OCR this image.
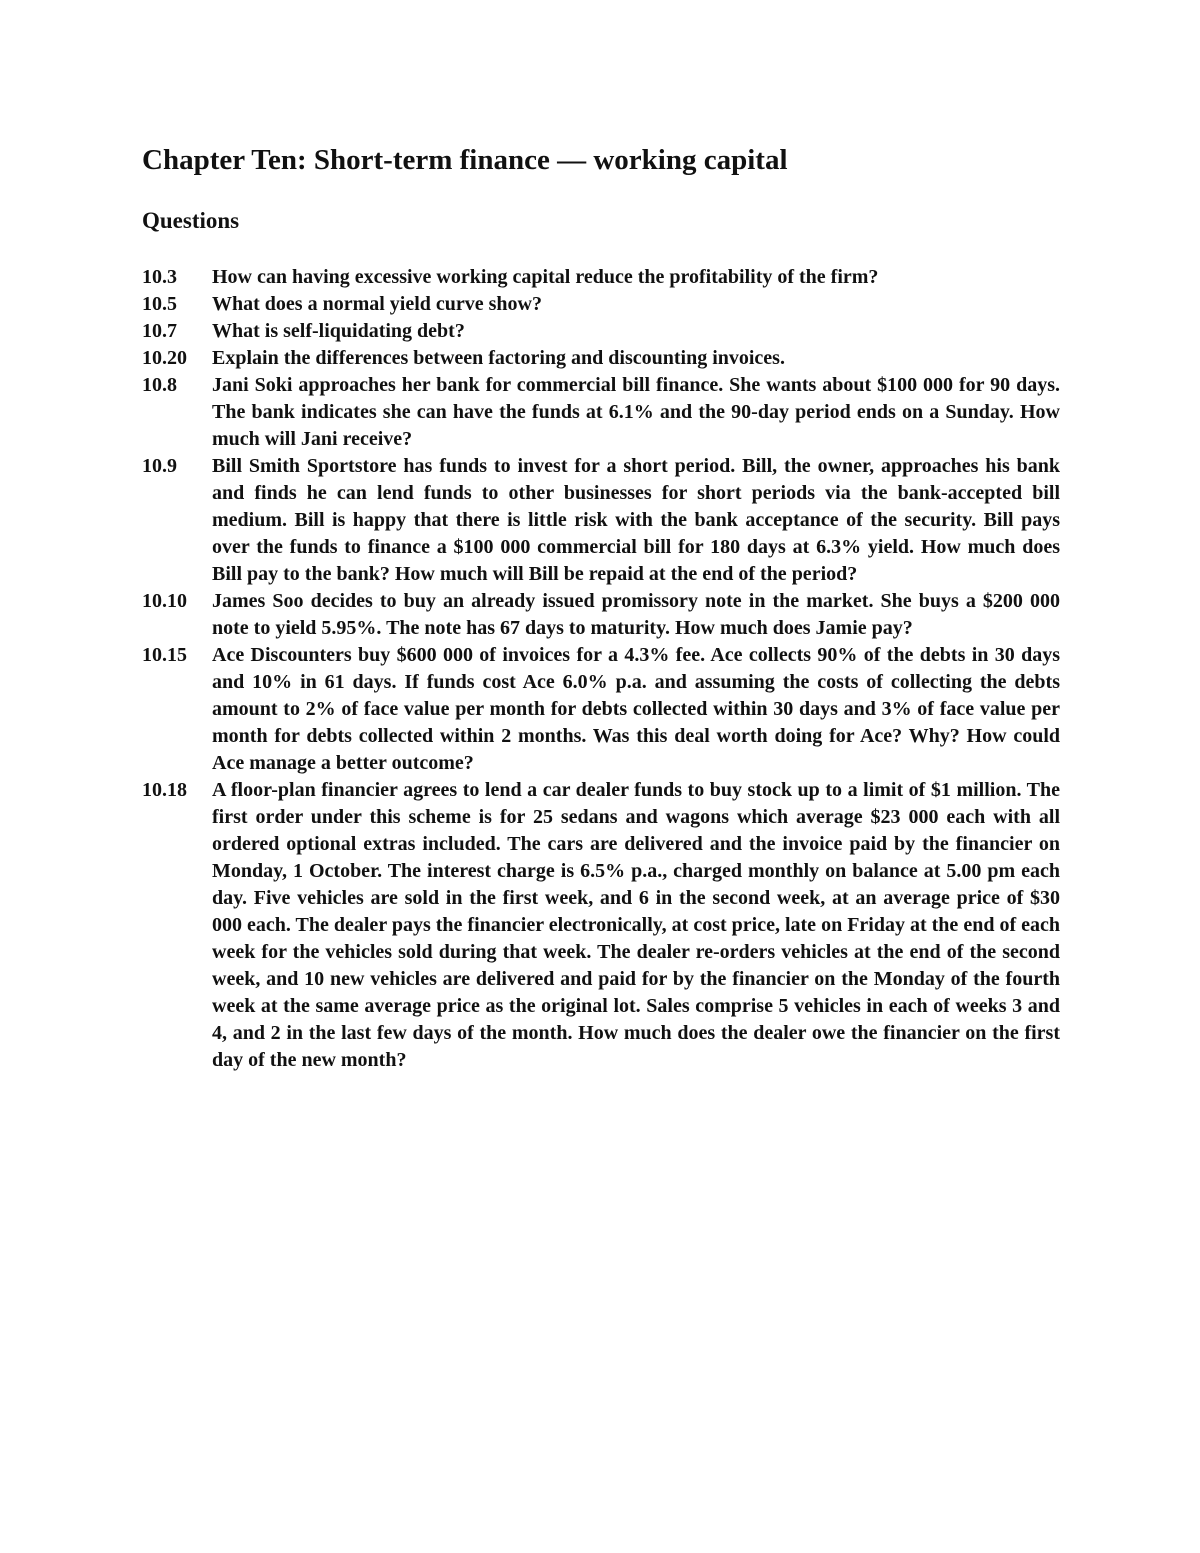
Chapter Ten: Short-term finance — working capital
Questions
10.3	How can having excessive working capital reduce the profitability of the firm?
10.5	What does a normal yield curve show?
10.7	What is self-liquidating debt?
10.20	Explain the differences between factoring and discounting invoices.
10.8	Jani Soki approaches her bank for commercial bill finance. She wants about $100 000 for 90 days. The bank indicates she can have the funds at 6.1% and the 90-day period ends on a Sunday. How much will Jani receive?
10.9	Bill Smith Sportstore has funds to invest for a short period. Bill, the owner, approaches his bank and finds he can lend funds to other businesses for short periods via the bank-accepted bill medium. Bill is happy that there is little risk with the bank acceptance of the security. Bill pays over the funds to finance a $100 000 commercial bill for 180 days at 6.3% yield. How much does Bill pay to the bank? How much will Bill be repaid at the end of the period?
10.10	James Soo decides to buy an already issued promissory note in the market. She buys a $200 000 note to yield 5.95%. The note has 67 days to maturity. How much does Jamie pay?
10.15	Ace Discounters buy $600 000 of invoices for a 4.3% fee. Ace collects 90% of the debts in 30 days and 10% in 61 days. If funds cost Ace 6.0% p.a. and assuming the costs of collecting the debts amount to 2% of face value per month for debts collected within 30 days and 3% of face value per month for debts collected within 2 months. Was this deal worth doing for Ace? Why? How could Ace manage a better outcome?
10.18	A floor-plan financier agrees to lend a car dealer funds to buy stock up to a limit of $1 million. The first order under this scheme is for 25 sedans and wagons which average $23 000 each with all ordered optional extras included. The cars are delivered and the invoice paid by the financier on Monday, 1 October. The interest charge is 6.5% p.a., charged monthly on balance at 5.00 pm each day. Five vehicles are sold in the first week, and 6 in the second week, at an average price of $30 000 each. The dealer pays the financier electronically, at cost price, late on Friday at the end of each week for the vehicles sold during that week. The dealer re-orders vehicles at the end of the second week, and 10 new vehicles are delivered and paid for by the financier on the Monday of the fourth week at the same average price as the original lot. Sales comprise 5 vehicles in each of weeks 3 and 4, and 2 in the last few days of the month. How much does the dealer owe the financier on the first day of the new month?
